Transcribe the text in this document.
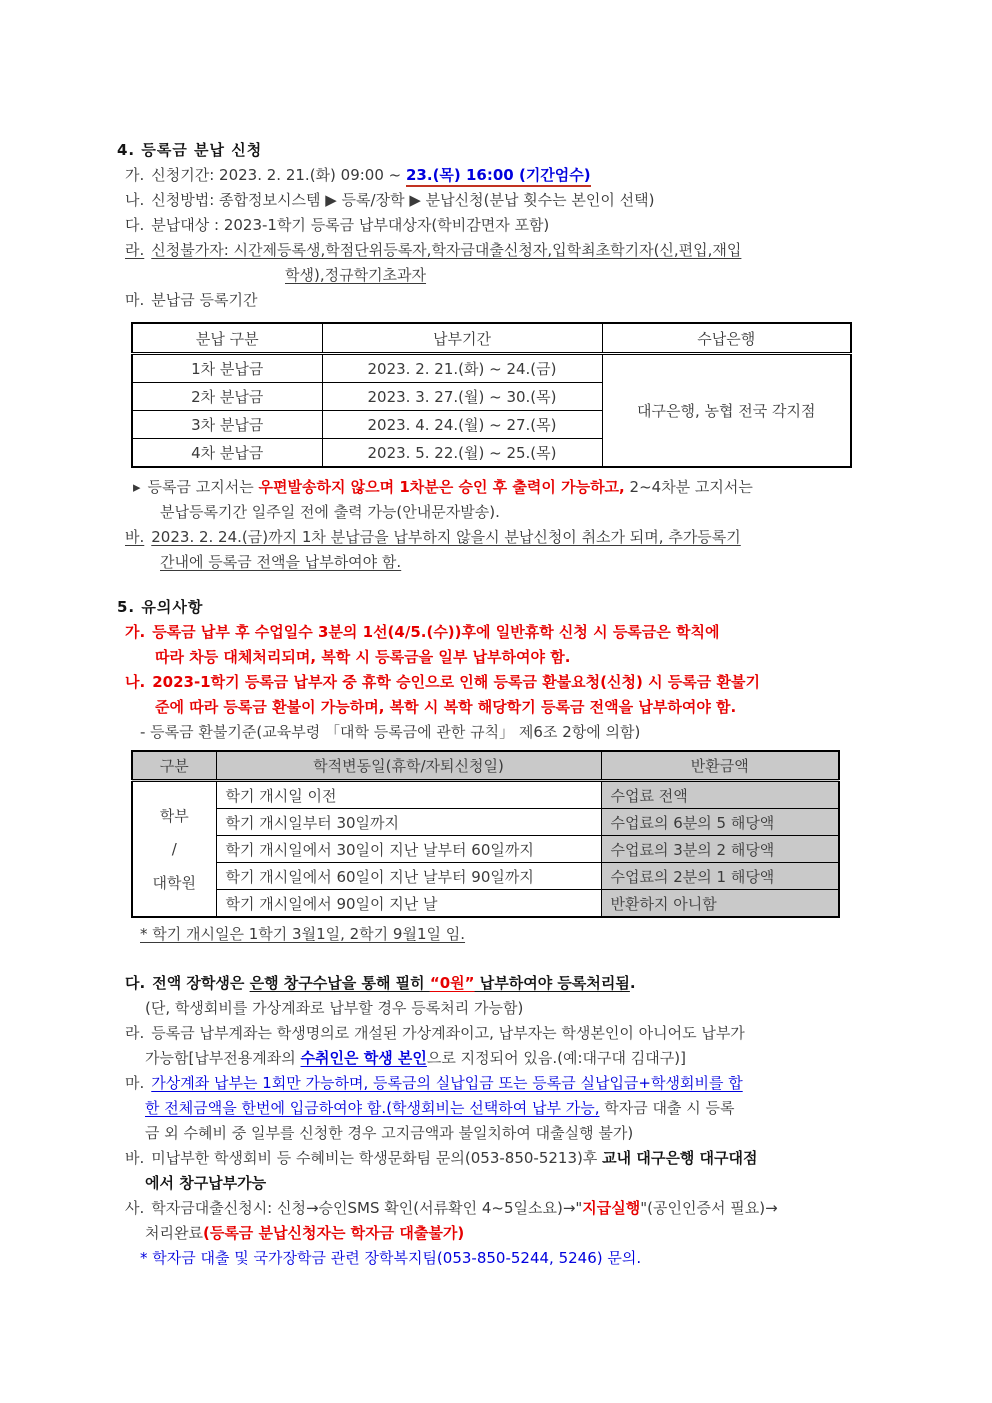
4. 등록금 분납 신청
가. 신청기간: 2023. 2. 21.(화) 09:00 ~ 23.(목) 16:00 (기간엄수)
나. 신청방법: 종합정보시스템 ▶ 등록/장학 ▶ 분납신청(분납 횟수는 본인이 선택)
다. 분납대상 : 2023-1학기 등록금 납부대상자(학비감면자 포함)
라. 신청불가자: 시간제등록생,학점단위등록자,학자금대출신청자,입학최초학기자(신,편입,재입
학생),정규학기초과자
마. 분납금 등록기간
분납 구분	납부기간	수납은행
1차 분납금	2023. 2. 21.(화) ~ 24.(금)	대구은행, 농협 전국 각지점
2차 분납금	2023. 3. 27.(월) ~ 30.(목)	
3차 분납금	2023. 4. 24.(월) ~ 27.(목)	
4차 분납금	2023. 5. 22.(월) ~ 25.(목)	
▸ 등록금 고지서는 우편발송하지 않으며 1차분은 승인 후 출력이 가능하고, 2~4차분 고지서는
분납등록기간 일주일 전에 출력 가능(안내문자발송).
바. 2023. 2. 24.(금)까지 1차 분납금을 납부하지 않을시 분납신청이 취소가 되며, 추가등록기
간내에 등록금 전액을 납부하여야 함.
5. 유의사항
가. 등록금 납부 후 수업일수 3분의 1선(4/5.(수))후에 일반휴학 신청 시 등록금은 학칙에
따라 차등 대체처리되며, 복학 시 등록금을 일부 납부하여야 함.
나. 2023-1학기 등록금 납부자 중 휴학 승인으로 인해 등록금 환불요청(신청) 시 등록금 환불기
준에 따라 등록금 환불이 가능하며, 복학 시 복학 해당학기 등록금 전액을 납부하여야 함.
- 등록금 환불기준(교육부령 「대학 등록금에 관한 규칙」 제6조 2항에 의함)
구분	학적변동일(휴학/자퇴신청일)	반환금액

학부
/
대학원	학기 개시일 이전	수업료 전액
	학기 개시일부터 30일까지	수업료의 6분의 5 해당액
	학기 개시일에서 30일이 지난 날부터 60일까지	수업료의 3분의 2 해당액
	학기 개시일에서 60일이 지난 날부터 90일까지	수업료의 2분의 1 해당액
	학기 개시일에서 90일이 지난 날	반환하지 아니함
* 학기 개시일은 1학기 3월1일, 2학기 9월1일 임.
다. 전액 장학생은 은행 창구수납을 통해 필히 “0원” 납부하여야 등록처리됨.
(단, 학생회비를 가상계좌로 납부할 경우 등록처리 가능함)
라. 등록금 납부계좌는 학생명의로 개설된 가상계좌이고, 납부자는 학생본인이 아니어도 납부가
가능함[납부전용계좌의 수취인은 학생 본인으로 지정되어 있음.(예:대구대 김대구)]
마. 가상계좌 납부는 1회만 가능하며, 등록금의 실납입금 또는 등록금 실납입금+학생회비를 합
한 전체금액을 한번에 입금하여야 함.(학생회비는 선택하여 납부 가능, 학자금 대출 시 등록
금 외 수혜비 중 일부를 신청한 경우 고지금액과 불일치하여 대출실행 불가)
바. 미납부한 학생회비 등 수혜비는 학생문화팀 문의(053-850-5213)후 교내 대구은행 대구대점
에서 창구납부가능
사. 학자금대출신청시: 신청→승인SMS 확인(서류확인 4~5일소요)→"지급실행"(공인인증서 필요)→
처리완료(등록금 분납신청자는 학자금 대출불가)
* 학자금 대출 및 국가장학금 관련 장학복지팀(053-850-5244, 5246) 문의.
